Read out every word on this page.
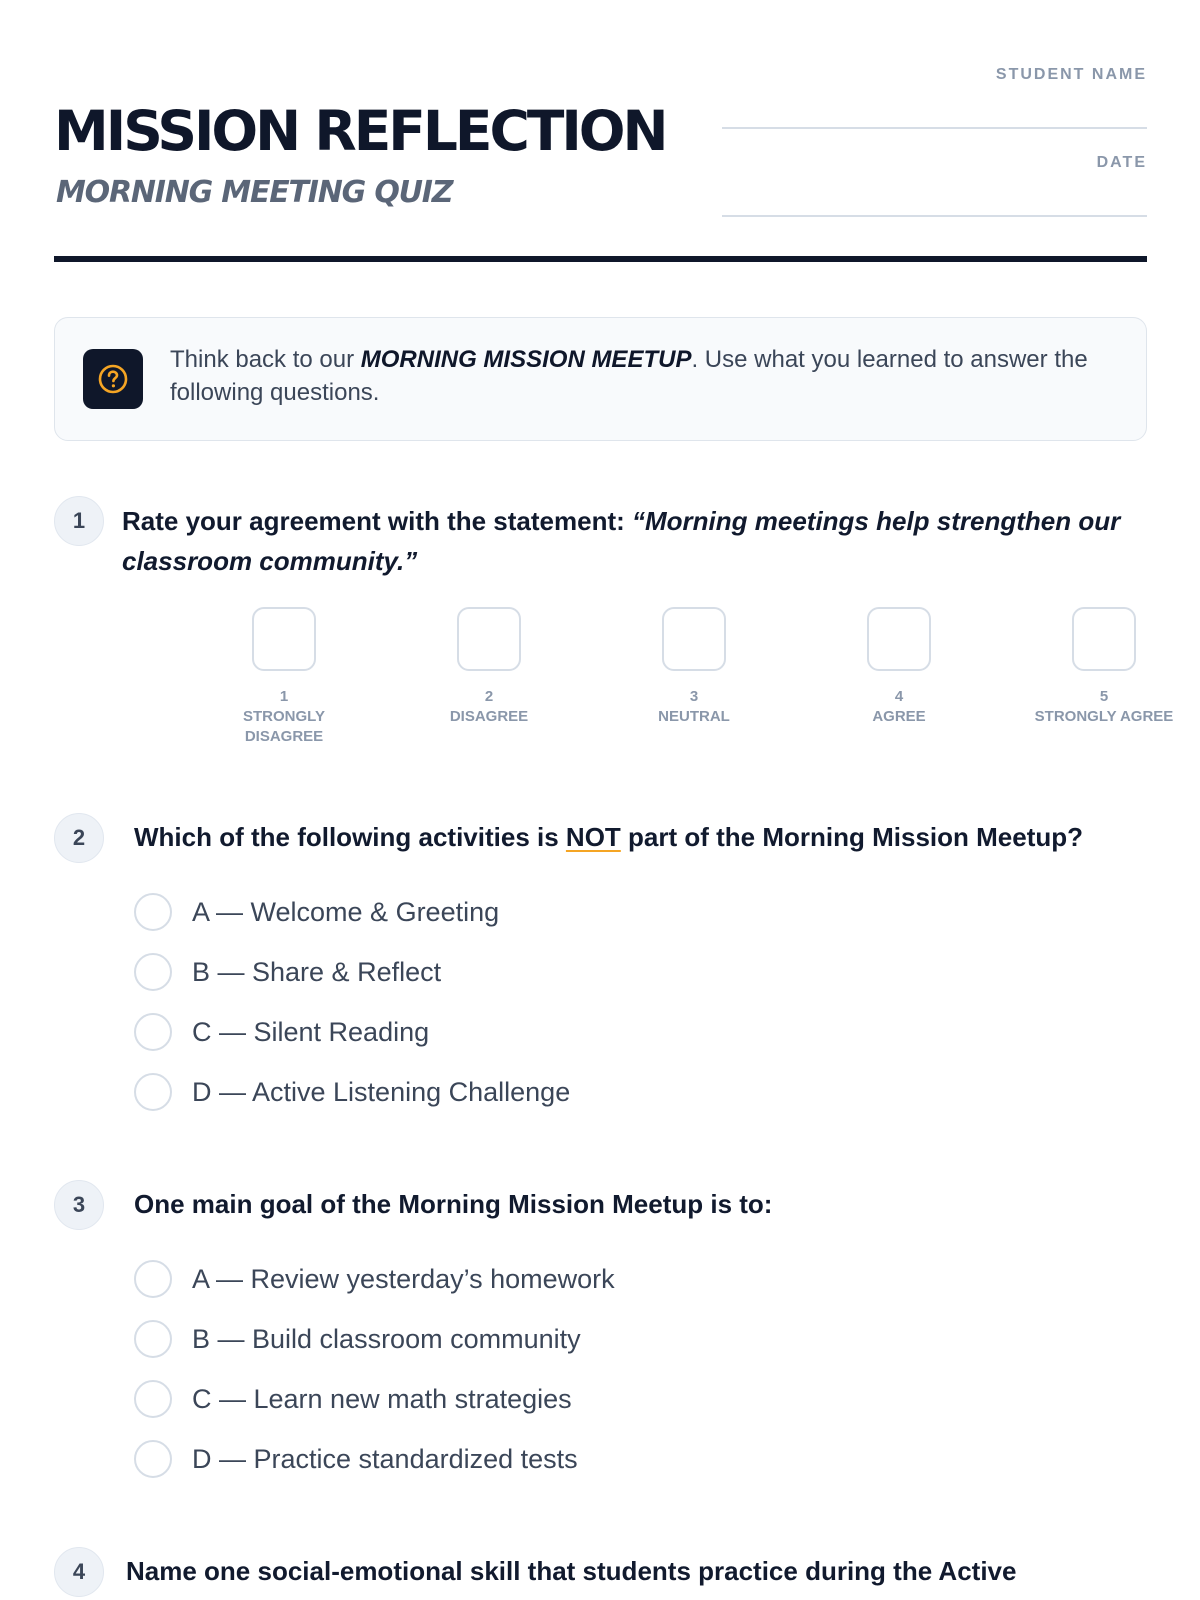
MISSION REFLECTION
MORNING MEETING QUIZ
STUDENT NAME
DATE
Think back to our MORNING MISSION MEETUP. Use what you learned to answer the following questions.
1	Rate your agreement with the statement: “Morning meetings help strengthen our classroom community.”
1
STRONGLY DISAGREE
2
DISAGREE
3
NEUTRAL
4
AGREE
5
STRONGLY AGREE
2	Which of the following activities is NOT part of the Morning Mission Meetup?
A — Welcome & Greeting
B — Share & Reflect
C — Silent Reading
D — Active Listening Challenge
3	One main goal of the Morning Mission Meetup is to:
A — Review yesterday’s homework
B — Build classroom community
C — Learn new math strategies
D — Practice standardized tests
4	Name one social-emotional skill that students practice during the Active
